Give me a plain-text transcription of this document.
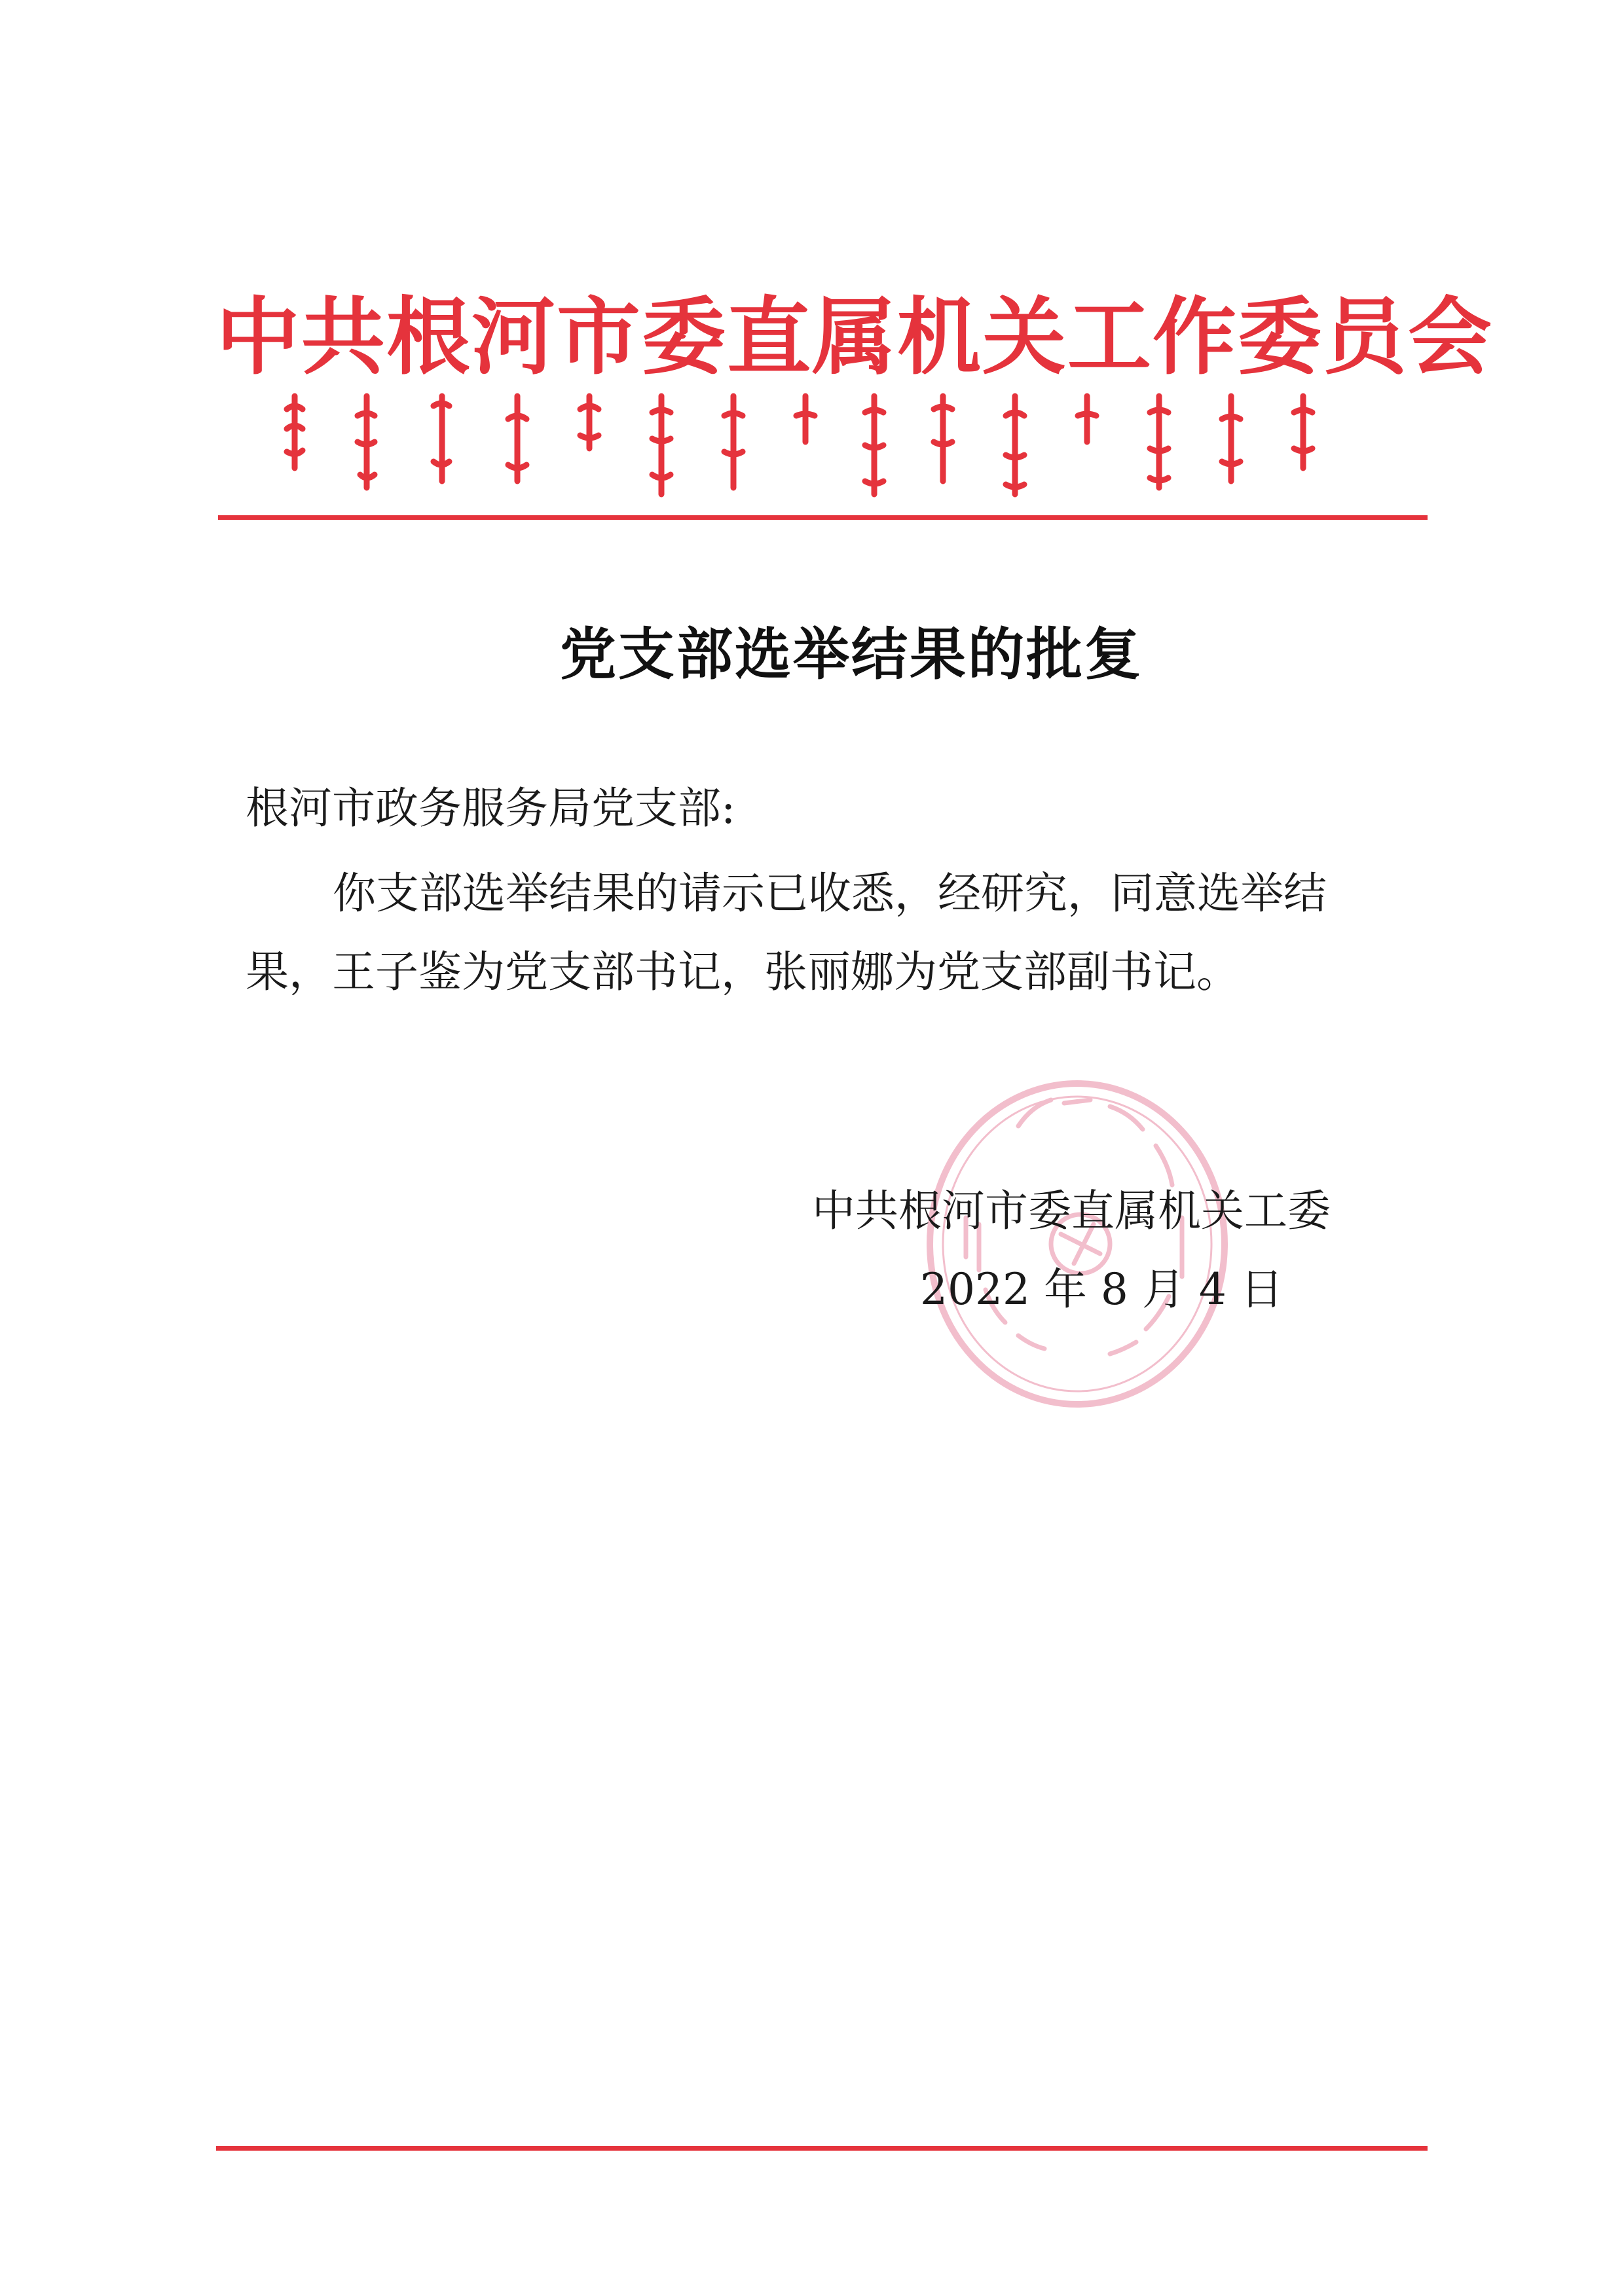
中共根河市委直属机关工作委员会
党支部选举结果的批复
根河市政务服务局党支部:
你支部选举结果的请示已收悉，经研究，同意选举结
果，王子鉴为党支部书记，张丽娜为党支部副书记。
中共根河市委直属机关工委
2022 年 8 月 4 日
